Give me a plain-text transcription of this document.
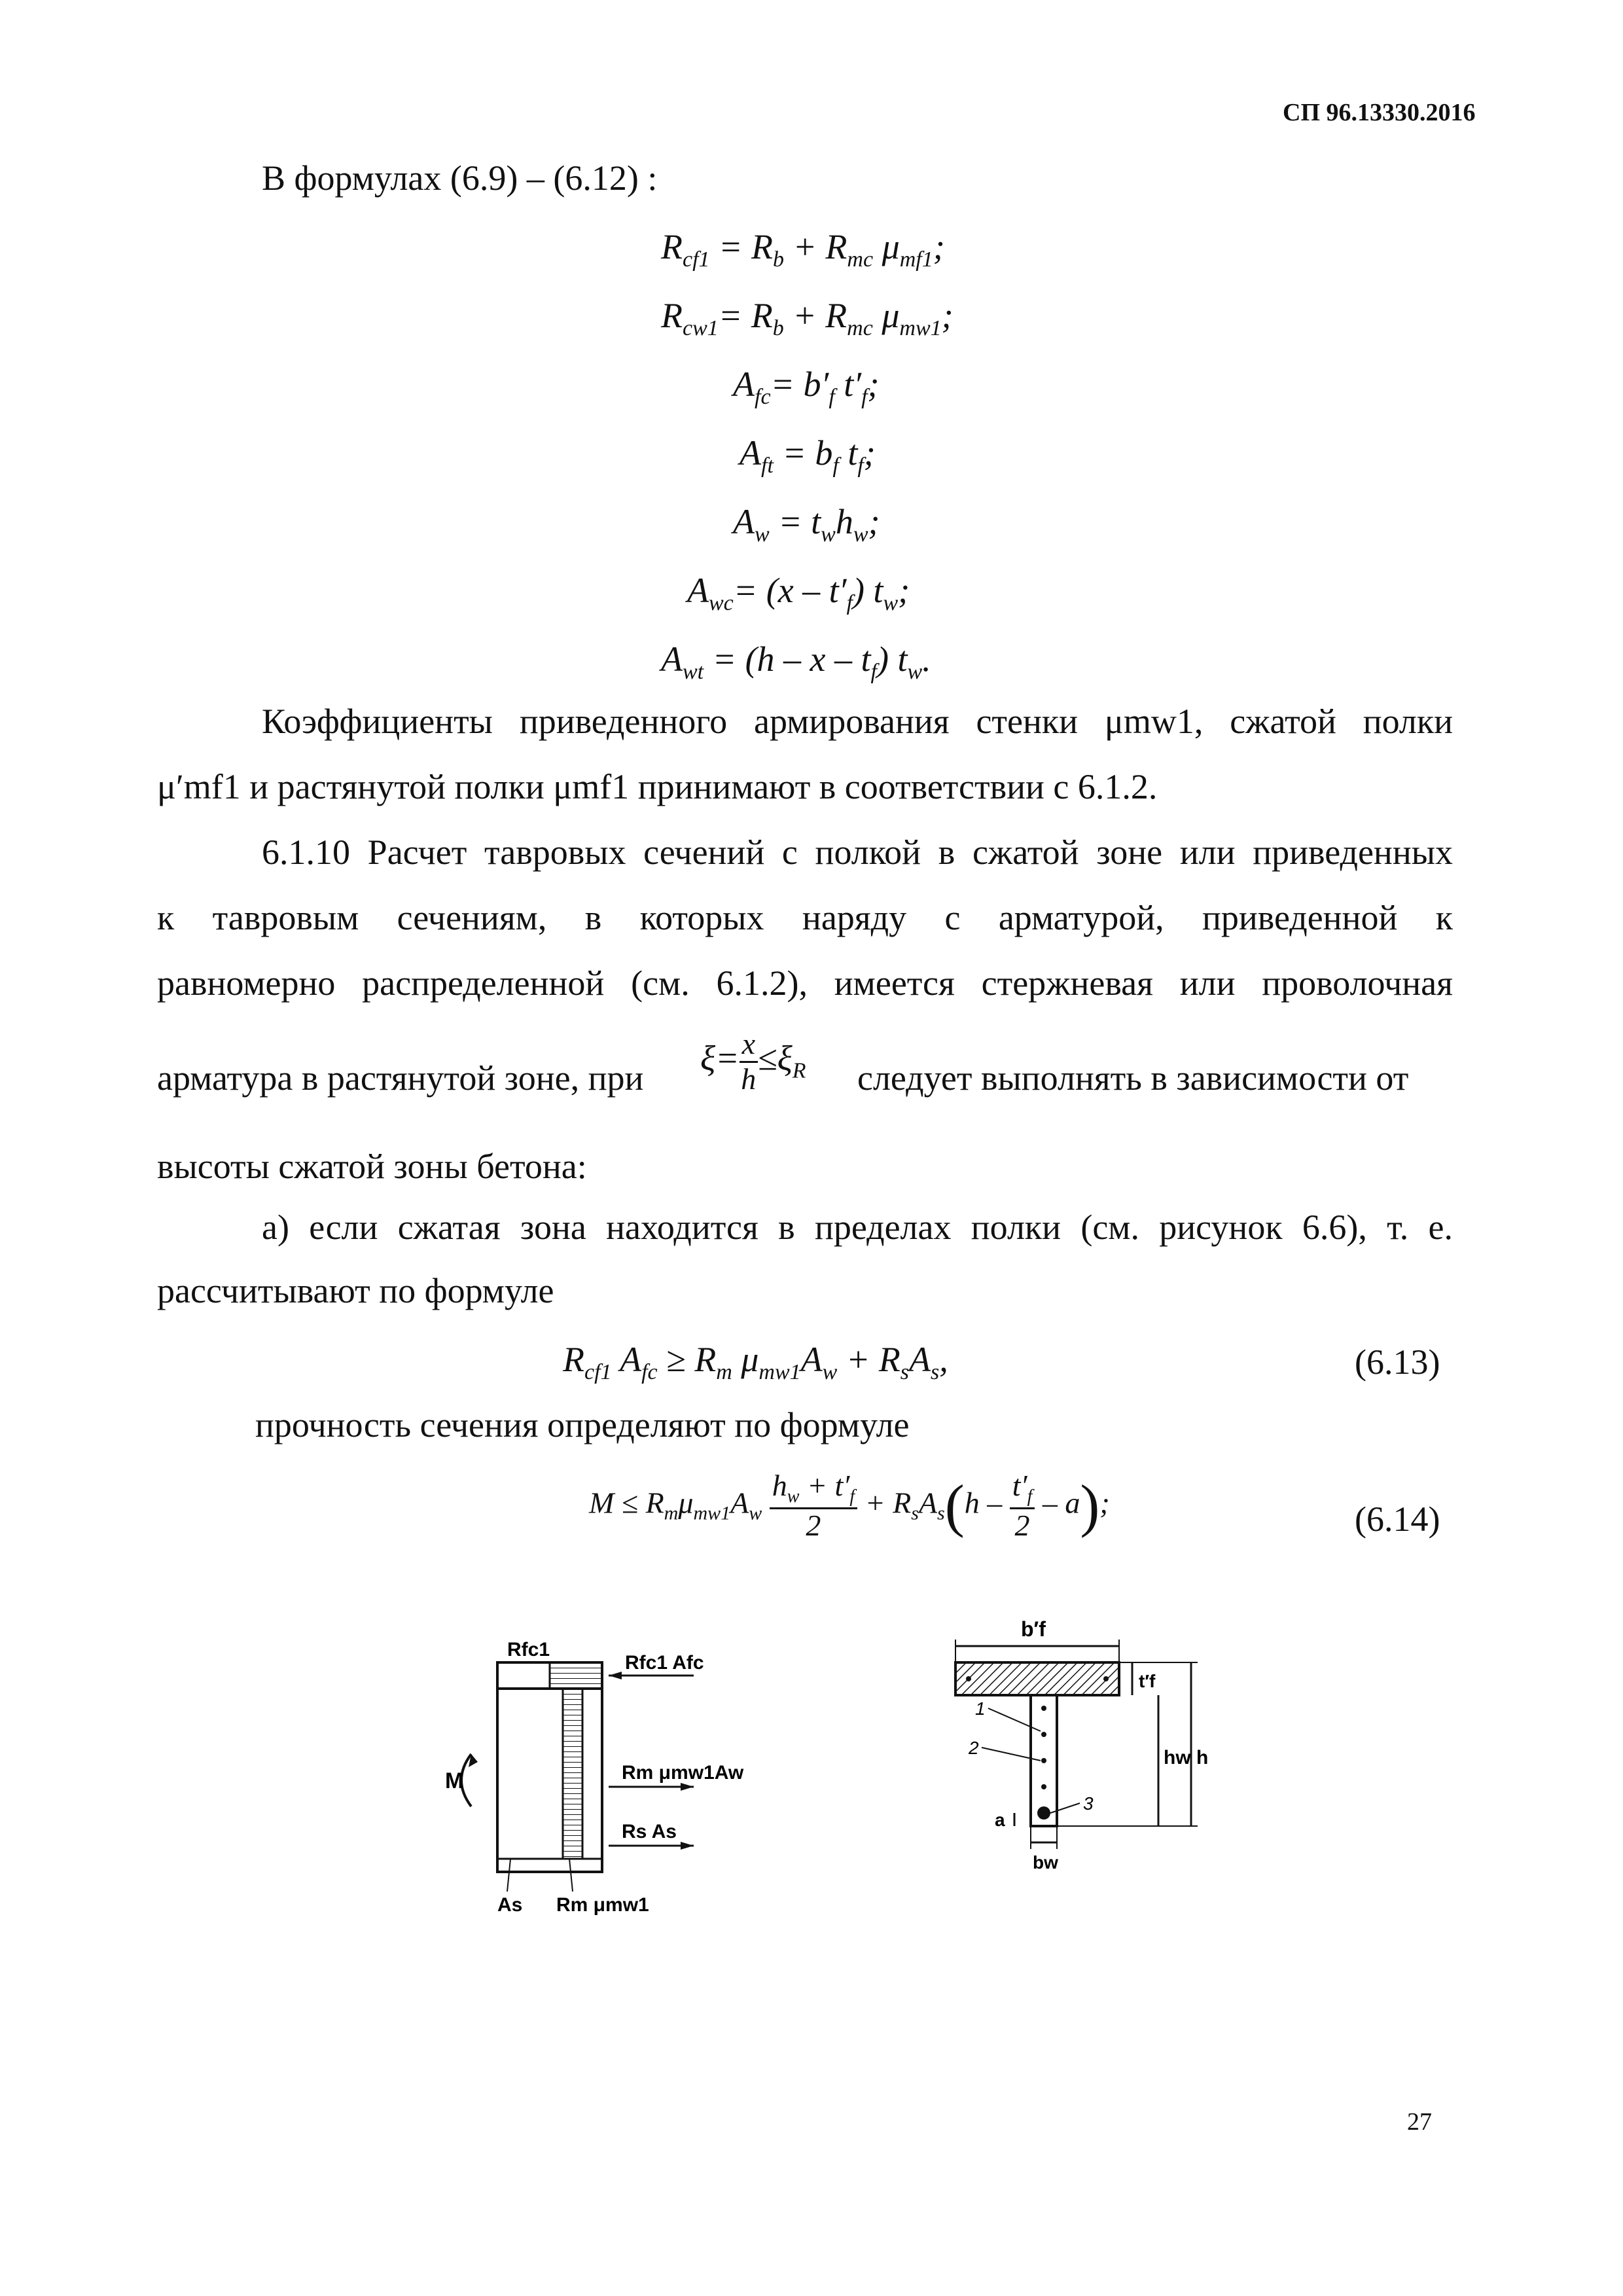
СП 96.13330.2016
В формулах (6.9) – (6.12) :
$R_{cf1} = R_b + R_{mc}$ $\mu_{mf1}$;
$R_{cw1}= R_b + R_{mc}$ $\mu_{mw1}$;
$A_{fc}= b'_f$ $t'_f$;
$A_{ft} = b_f$ $t_f$;
$A_w = t_wh_w$;
$A_{wc}= (x - t'_f)$ $t_w$;
$A_{wt} = (h - x - t_f)$ $t_w$.
Коэффициенты приведенного армирования стенки μmw1, сжатой полки
μ′mf1 и растянутой полки μmf1 принимают в соответствии с 6.1.2.
6.1.10 Расчет тавровых сечений с полкой в сжатой зоне или приведенных
к тавровым сечениям, в которых наряду с арматурой, приведенной к
равномерно распределенной (см. 6.1.2), имеется стержневая или проволочная
арматура в растянутой зоне, при
$\xi= \frac{x}{h} \le\xi_R$ следует выполнять в зависимости от
высоты сжатой зоны бетона:
а) если сжатая зона находится в пределах полки (см. рисунок 6.6), т. е.
рассчитывают по формуле
$R_{cf1}$ $A_{fc} \ge R_m$ $\mu_{mw1}A_w + R_sA_s$,	(6.13)
прочность сечения определяют по формуле
$M \le R_m\mu_{mw1}A_w \frac{h_w + t'_f}{2} + R_sA_s(h - \frac{t'_f}{2} - a)$;	(6.14)
Rfc1
Rfc1 Afc
M	Rm μmw1Aw
Rs As
As Rm μmw1
b′f
t′f
hw h
a
bw
1
2
3
27
